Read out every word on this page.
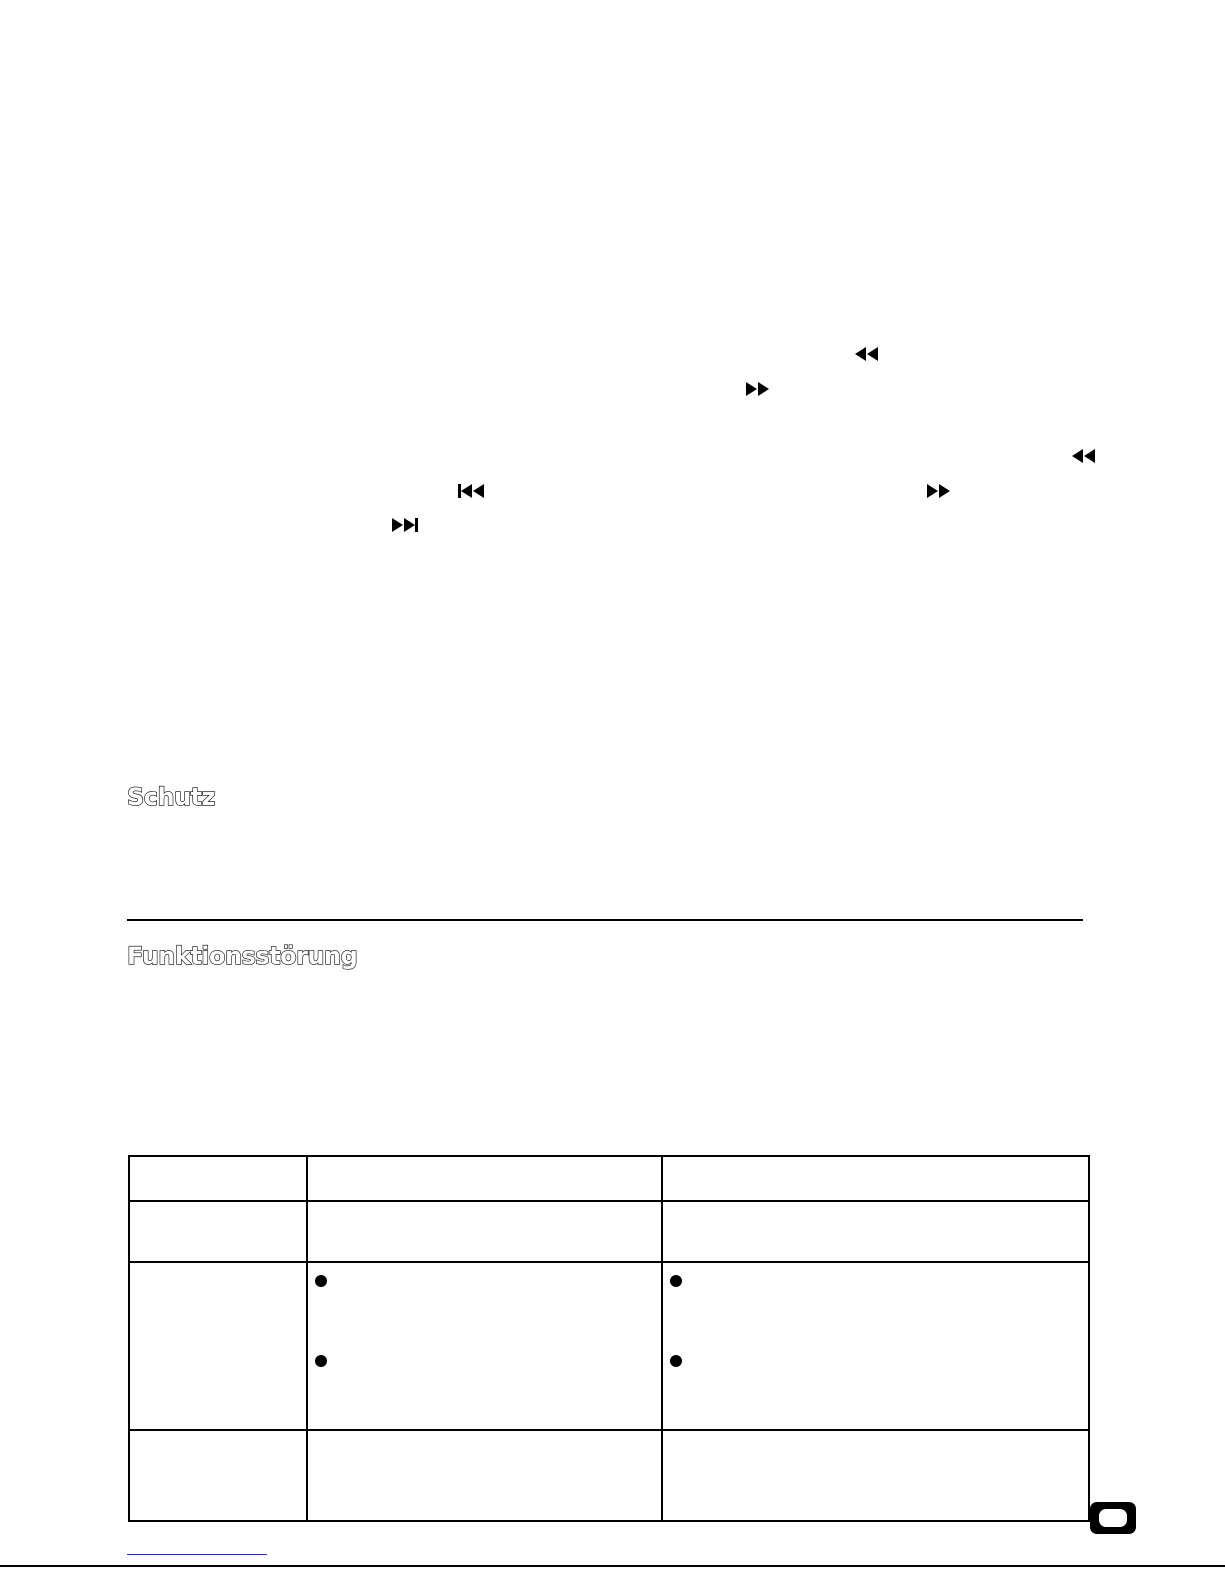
Schutz
Funktionsstörung
